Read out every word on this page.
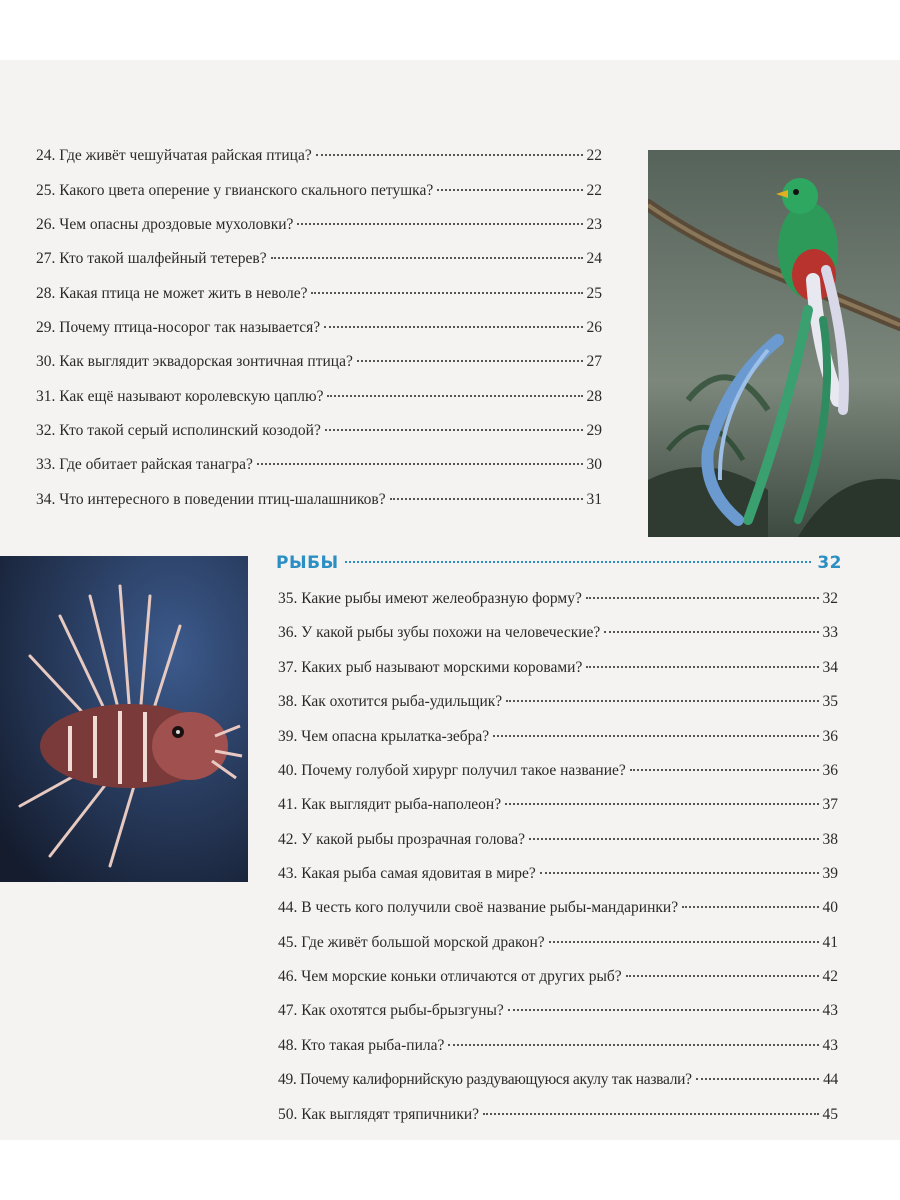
24. Где живёт чешуйчатая райская птица?	22
25. Какого цвета оперение у гвианского скального петушка?	22
26. Чем опасны дроздовые мухоловки?	23
27. Кто такой шалфейный тетерев?	24
28. Какая птица не может жить в неволе?	25
29. Почему птица-носорог так называется?	26
30. Как выглядит эквадорская зонтичная птица?	27
31. Как ещё называют королевскую цаплю?	28
32. Кто такой серый исполинский козодой?	29
33. Где обитает райская танагра?	30
34. Что интересного в поведении птиц-шалашников?	31
РЫБЫ	32
35. Какие рыбы имеют желеобразную форму?	32
36. У какой рыбы зубы похожи на человеческие?	33
37. Каких рыб называют морскими коровами?	34
38. Как охотится рыба-удильщик?	35
39. Чем опасна крылатка-зебра?	36
40. Почему голубой хирург получил такое название?	36
41. Как выглядит рыба-наполеон?	37
42. У какой рыбы прозрачная голова?	38
43. Какая рыба самая ядовитая в мире?	39
44. В честь кого получили своё название рыбы-мандаринки?	40
45. Где живёт большой морской дракон?	41
46. Чем морские коньки отличаются от других рыб?	42
47. Как охотятся рыбы-брызгуны?	43
48. Кто такая рыба-пила?	43
49. Почему калифорнийскую раздувающуюся акулу так назвали?	44
50. Как выглядят тряпичники?	45
